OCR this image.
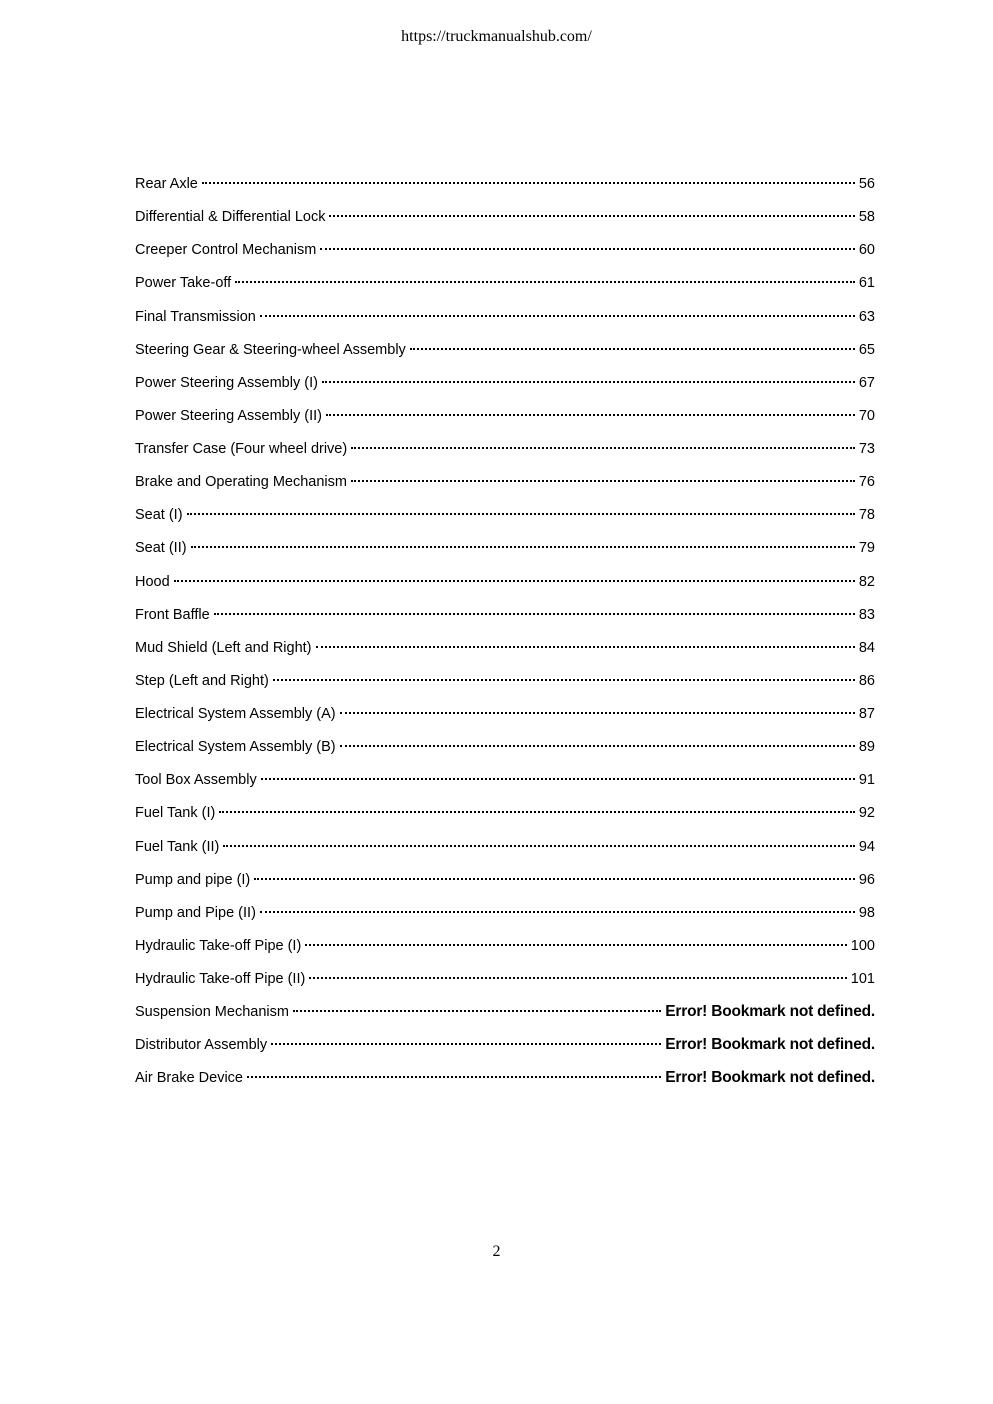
https://truckmanualshub.com/
Rear Axle	56
Differential & Differential Lock	58
Creeper Control Mechanism	60
Power Take-off	61
Final Transmission	63
Steering Gear & Steering-wheel Assembly	65
Power Steering Assembly (I)	67
Power Steering Assembly (II)	70
Transfer Case (Four wheel drive)	73
Brake and Operating Mechanism	76
Seat (I)	78
Seat (II)	79
Hood	82
Front Baffle	83
Mud Shield (Left and Right)	84
Step (Left and Right)	86
Electrical System Assembly (A)	87
Electrical System Assembly (B)	89
Tool Box Assembly	91
Fuel Tank (I)	92
Fuel Tank (II)	94
Pump and pipe (I)	96
Pump and Pipe (II)	98
Hydraulic Take-off Pipe (I)	100
Hydraulic Take-off Pipe (II)	101
Suspension Mechanism	Error! Bookmark not defined.
Distributor Assembly	Error! Bookmark not defined.
Air Brake Device	Error! Bookmark not defined.
2
